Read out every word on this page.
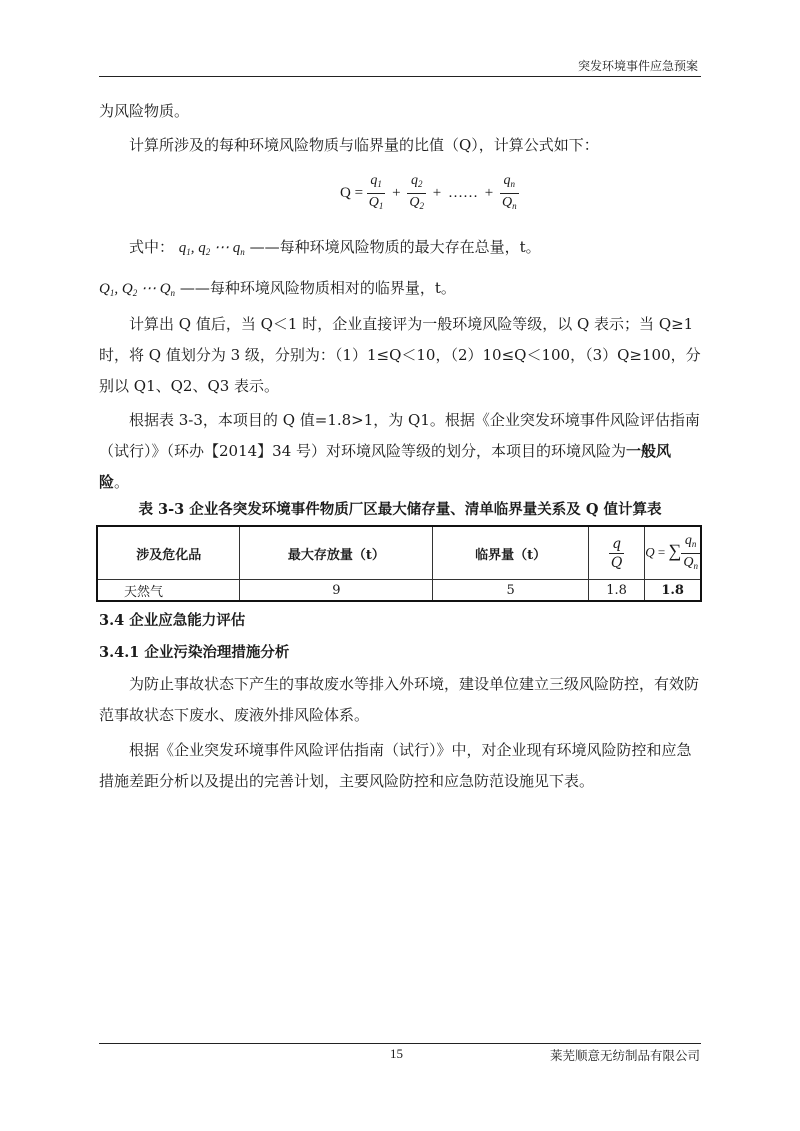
突发环境事件应急预案
为风险物质。
计算所涉及的每种环境风险物质与临界量的比值（Q），计算公式如下：
$Q = \frac{q_1}{Q_1} + \frac{q_2}{Q_2}$ + …… + $\frac{q_n}{Q_n}$
式中： $q_1$, $q_2$ ⋯ $q_n$ ——每种环境风险物质的最大存在总量，t。
$Q_1$, $Q_2$ ⋯ $Q_n$ ——每种环境风险物质相对的临界量，t。
计算出 Q 值后，当 Q＜1 时，企业直接评为一般环境风险等级，以 Q 表示；当 Q≥1 时，将 Q 值划分为 3 级，分别为：（1）1≤Q＜10，（2）10≤Q＜100，（3）Q≥100，分别以 Q1、Q2、Q3 表示。
根据表 3-3，本项目的 Q 值=1.8>1，为 Q1。根据《企业突发环境事件风险评估指南（试行）》（环办【2014】34 号）对环境风险等级的划分，本项目的环境风险为一般风险。
表 3-3 企业各突发环境事件物质厂区最大储存量、清单临界量关系及 Q 值计算表
涉及危化品	最大存放量（t）	临界量（t）	$\frac{q}{Q}$	Q = ∑ $\frac{q_n}{Q_n}$

天然气	9	5	1.8	1.8
3.4 企业应急能力评估
3.4.1 企业污染治理措施分析
为防止事故状态下产生的事故废水等排入外环境，建设单位建立三级风险防控，有效防范事故状态下废水、废液外排风险体系。
根据《企业突发环境事件风险评估指南（试行）》中，对企业现有环境风险防控和应急措施差距分析以及提出的完善计划，主要风险防控和应急防范设施见下表。
15	莱芜顺意无纺制品有限公司
